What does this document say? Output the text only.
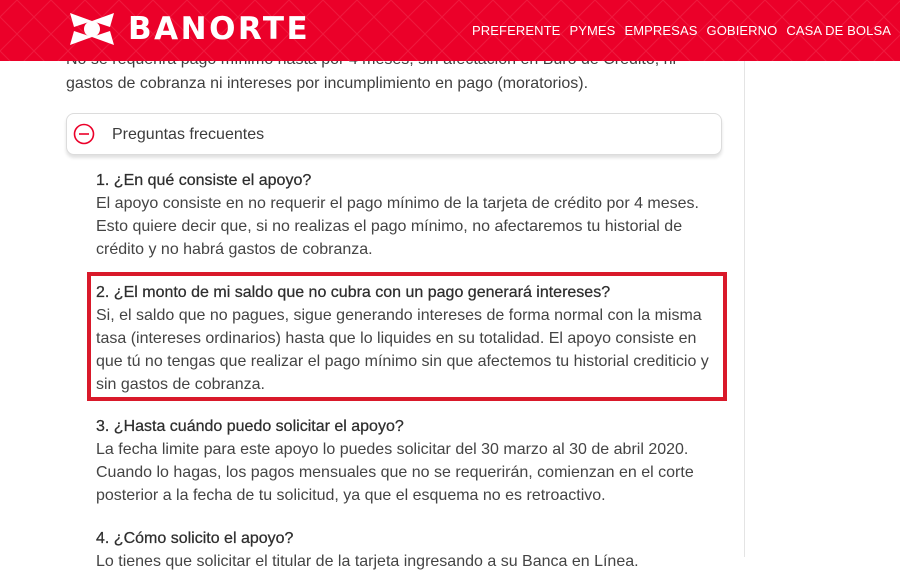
gastos de cobranza ni intereses por incumplimiento en pago (moratorios).

Preguntas frecuentes

1. ¿En qué consiste el apoyo?

El apoyo consiste en no requerir el pago mínimo de la tarjeta de crédito por 4 meses.
Esto quiere decir que, si no realizas el pago mínimo, no afectaremos tu historial de
crédito y no habrá gastos de cobranza.

2. ¿El monto de mi saldo que no cubra con un pago generará intereses?

Si, el saldo que no pagues, sigue generando intereses de forma normal con la misma
tasa (intereses ordinarios) hasta que lo liquides en su totalidad. El apoyo consiste en
que tú no tengas que realizar el pago mínimo sin que afectemos tu historial crediticio y
sin gastos de cobranza.

3. ¿Hasta cuándo puedo solicitar el apoyo?

La fecha limite para este apoyo lo puedes solicitar del 30 marzo al 30 de abril 2020.
Cuando lo hagas, los pagos mensuales que no se requerirán, comienzan en el corte
posterior a la fecha de tu solicitud, ya que el esquema no es retroactivo.

4. ¿Cómo solicito el apoyo?

Lo tienes que solicitar el titular de la tarjeta ingresando a su Banca en Línea.

BANORTE	PREFERENTE PYMES EMPRESAS GOBIERNO CASA DE BOLSA
